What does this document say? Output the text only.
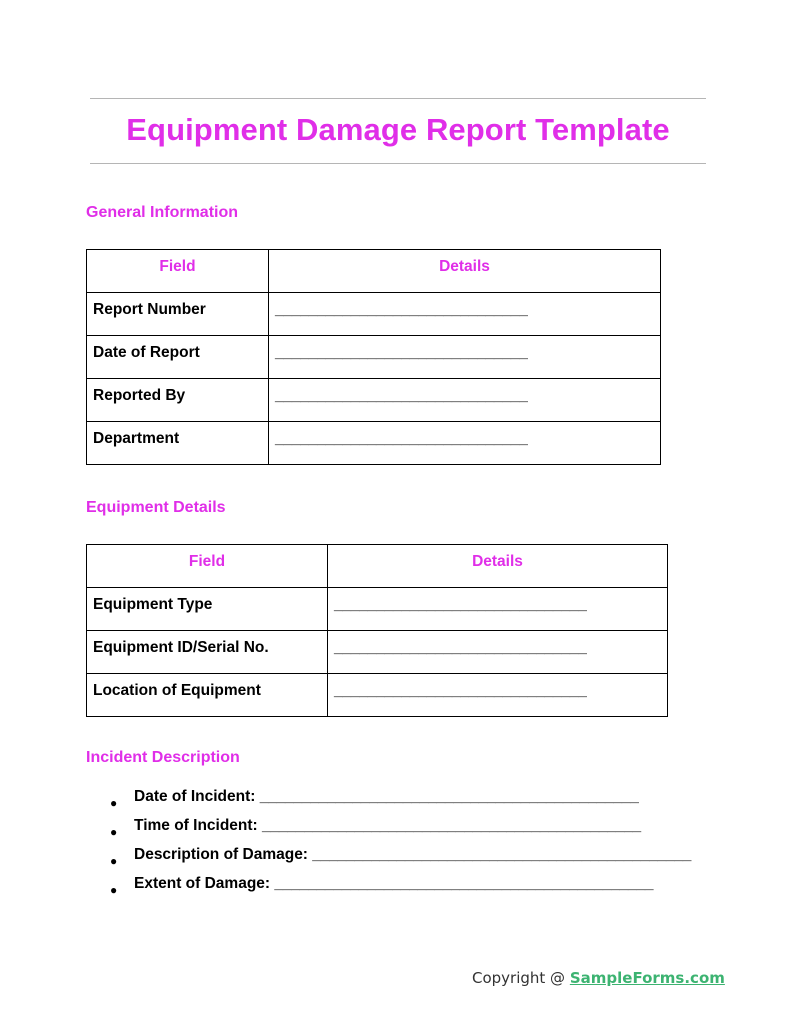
Equipment Damage Report Template
General Information
Field	Details
Report Number	______________________________
Date of Report	______________________________
Reported By	______________________________
Department	______________________________
Equipment Details
Field	Details
Equipment Type	______________________________
Equipment ID/Serial No.	______________________________
Location of Equipment	______________________________
Incident Description
●	Date of Incident:
_____________________________________________
●	Time of Incident:
_____________________________________________
●	Description of Damage:
_____________________________________________
●	Extent of Damage:
_____________________________________________
Copyright @ SampleForms.com
